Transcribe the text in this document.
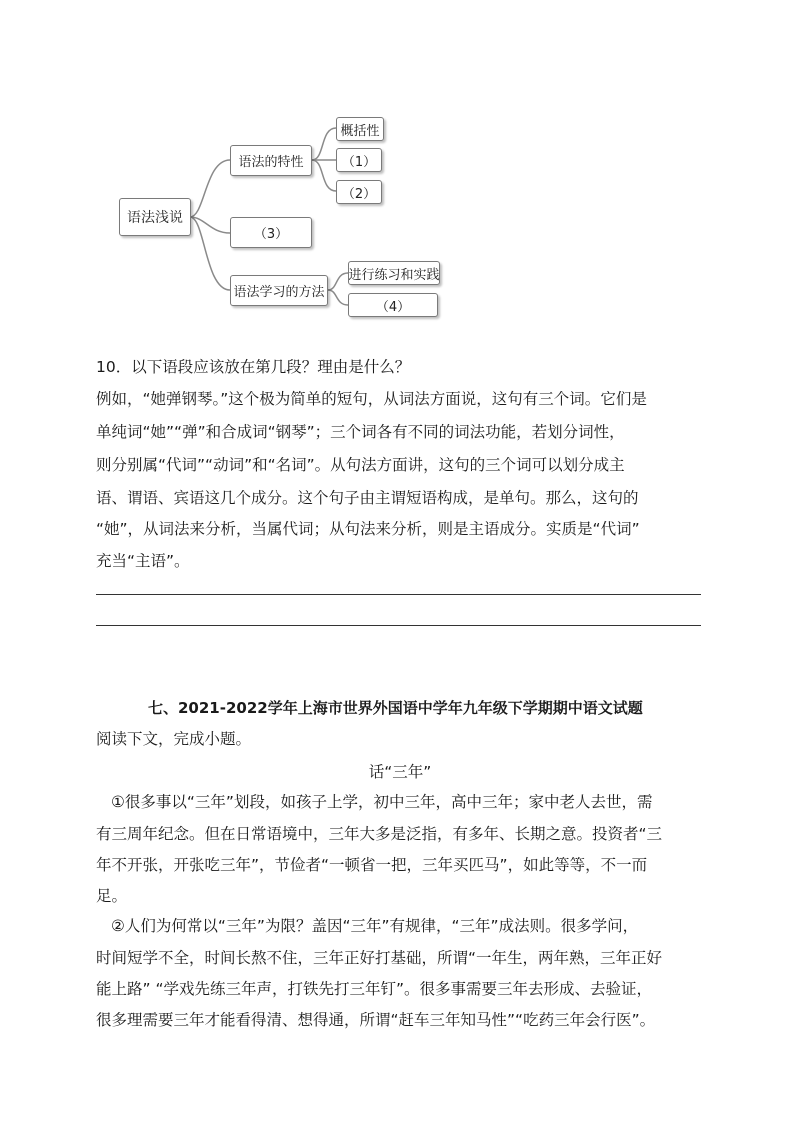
语法浅说
语法的特性
概括性
（1）
（2）
（3）
语法学习的方法
进行练习和实践
（4）
10．以下语段应该放在第几段？理由是什么？
例如，“她弹钢琴。”这个极为简单的短句，从词法方面说，这句有三个词。它们是
单纯词“她”“弹”和合成词“钢琴”；三个词各有不同的词法功能，若划分词性，
则分别属“代词”“动词”和“名词”。从句法方面讲，这句的三个词可以划分成主
语、谓语、宾语这几个成分。这个句子由主谓短语构成，是单句。那么，这句的
“她”，从词法来分析，当属代词；从句法来分析，则是主语成分。实质是“代词”
充当“主语”。
七、2021-2022学年上海市世界外国语中学年九年级下学期期中语文试题
阅读下文，完成小题。
话“三年”
①很多事以“三年”划段，如孩子上学，初中三年，高中三年；家中老人去世，需
有三周年纪念。但在日常语境中，三年大多是泛指，有多年、长期之意。投资者“三
年不开张，开张吃三年”，节俭者“一顿省一把，三年买匹马”，如此等等，不一而
足。
②人们为何常以“三年”为限？盖因“三年”有规律，“三年”成法则。很多学问，
时间短学不全，时间长熬不住，三年正好打基础，所谓“一年生，两年熟，三年正好
能上路” “学戏先练三年声，打铁先打三年钉”。很多事需要三年去形成、去验证，
很多理需要三年才能看得清、想得通，所谓“赶车三年知马性”“吃药三年会行医”。
